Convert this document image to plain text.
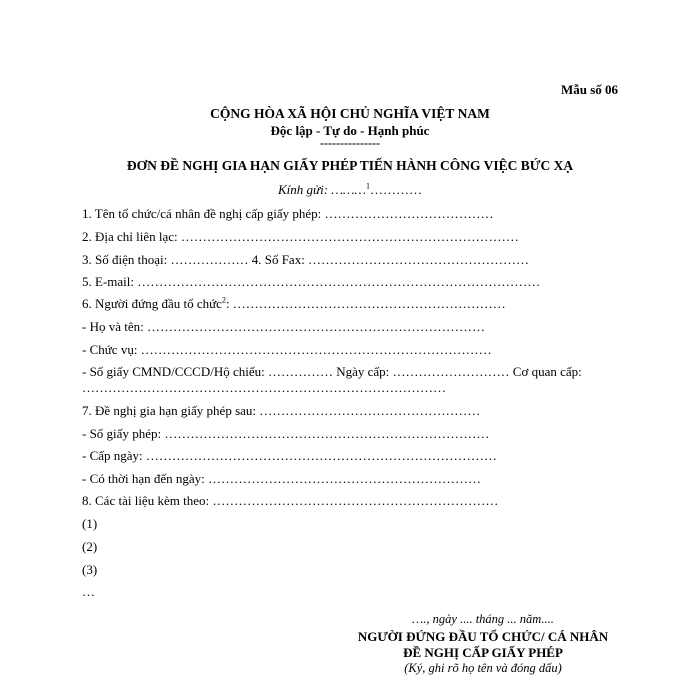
Mẫu số 06
CỘNG HÒA XÃ HỘI CHỦ NGHĨA VIỆT NAM
Độc lập - Tự do - Hạnh phúc
---------------
ĐƠN ĐỀ NGHỊ GIA HẠN GIẤY PHÉP TIẾN HÀNH CÔNG VIỆC BỨC XẠ
Kính gửi: ………$^1$…………
1. Tên tổ chức/cá nhân đề nghị cấp giấy phép: …………………………………
2. Địa chỉ liên lạc: ……………………………………………………………………
3. Số điện thoại: ……………… 4. Số Fax: ……………………………………………
5. E-mail: …………………………………………………………………………………
6. Người đứng đầu tổ chức$^2$: ………………………………………………………
- Họ và tên: ……………………………………………………………………
- Chức vụ: ………………………………………………………………………
- Số giấy CMND/CCCD/Hộ chiếu: …………… Ngày cấp: ……………………… Cơ quan cấp:
…………………………………………………………………………
7. Đề nghị gia hạn giấy phép sau: ……………………………………………
- Số giấy phép: …………………………………………………………………
- Cấp ngày: ………………………………………………………………………
- Có thời hạn đến ngày: ………………………………………………………
8. Các tài liệu kèm theo: …………………………………………………………
(1)
(2)
(3)
…
…., ngày .... tháng ... năm....
NGƯỜI ĐỨNG ĐẦU TỔ CHỨC/ CÁ NHÂN
ĐỀ NGHỊ CẤP GIẤY PHÉP
(Ký, ghi rõ họ tên và đóng dấu)
